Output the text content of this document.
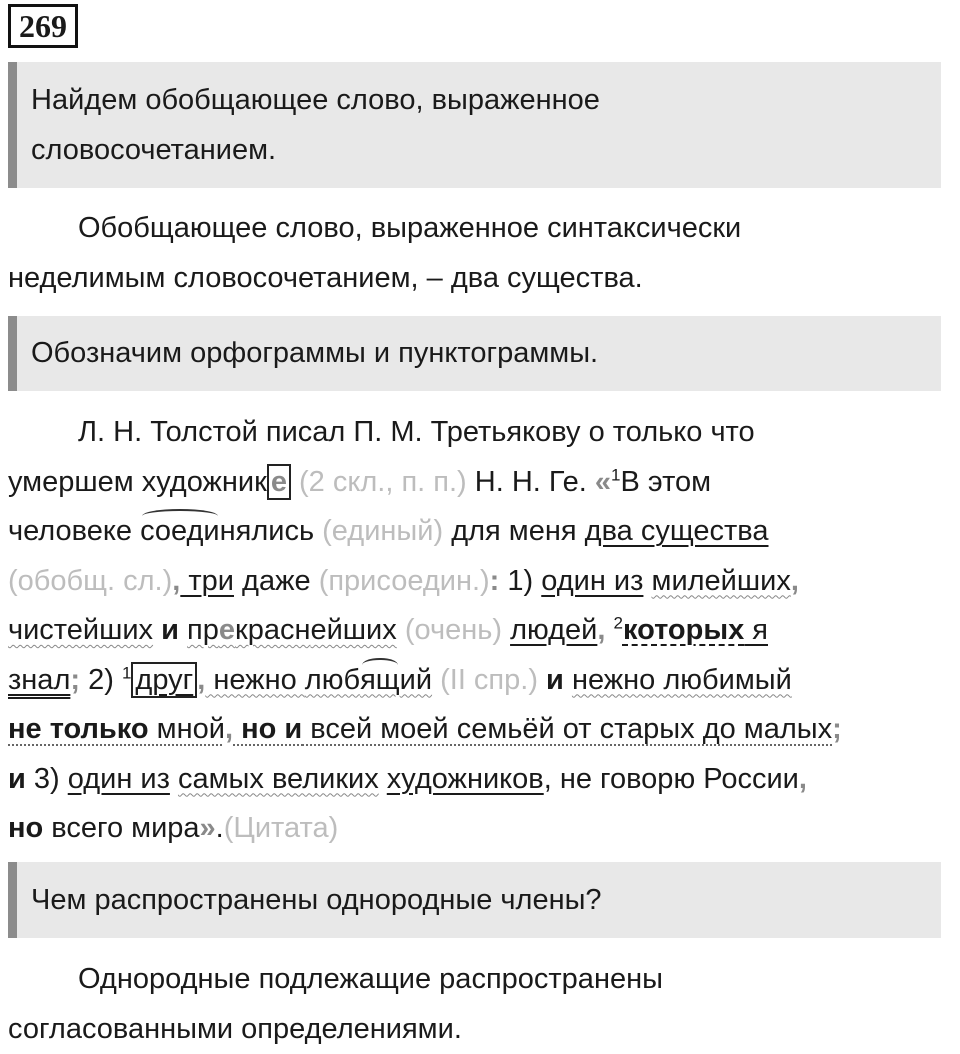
269
Найдем обобщающее слово, выраженное
словосочетанием.
Обобщающее слово, выраженное синтаксически
неделимым словосочетанием, – два существа.
Обозначим орфограммы и пунктограммы.
Л. Н. Толстой писал П. М. Третьякову о только что
умершем художник е (2 скл., п. п.) Н. Н. Ге. «$^1$В этом
человеке соединялись (единый) для меня два существа
(обобщ. сл.), три даже (присоедин.): 1) один из милейших,
чистейших и прекраснейших (очень) людей, $^2$которых я
знал; 2) $^1$ друг , нежно любящий (II спр.) и нежно любимый
не только мной, но и всей моей семьёй от старых до малых;
и 3) один из самых великих художников, не говорю России,
но всего мира».(Цитата)
Чем распространены однородные члены?
Однородные подлежащие распространены
согласованными определениями.
